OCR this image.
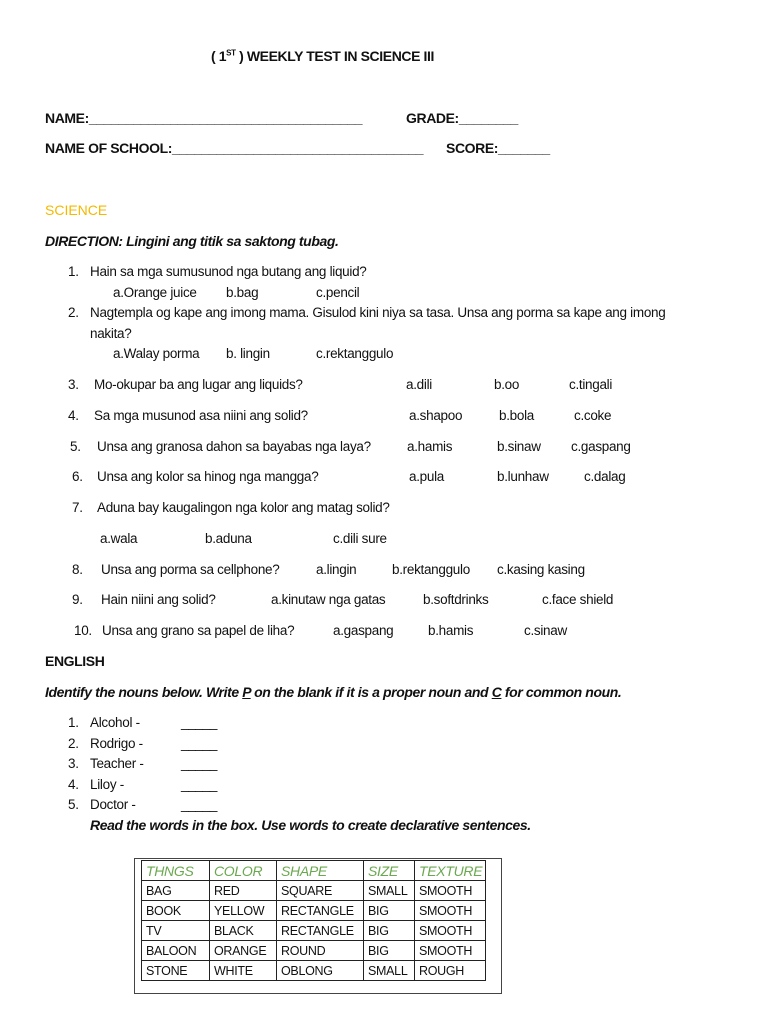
( 1ST ) WEEKLY TEST IN SCIENCE III
NAME:_____________________________________	GRADE:________
NAME OF SCHOOL:__________________________________ SCORE:_______
SCIENCE
DIRECTION: Lingini ang titik sa saktong tubag.
1. Hain sa mga sumusunod nga butang ang liquid?
a.Orange juice b.bag	c.pencil
2. Nagtempla og kape ang imong mama. Gisulod kini niya sa tasa. Unsa ang porma sa kape ang imong
nakita?
a.Walay porma b. lingin	c.rektanggulo
3. Mo-okupar ba ang lugar ang liquids?	a.dili	b.oo	c.tingali
4. Sa mga musunod asa niini ang solid?	a.shapoo	b.bola	c.coke
5. Unsa ang granosa dahon sa bayabas nga laya?	a.hamis	b.sinaw c.gaspang
6. Unsa ang kolor sa hinog nga mangga?	a.pula	b.lunhaw	c.dalag
7. Aduna bay kaugalingon nga kolor ang matag solid?
a.wala	b.aduna	c.dili sure
8. Unsa ang porma sa cellphone?	a.lingin	b.rektanggulo c.kasing kasing
9. Hain niini ang solid?	a.kinutaw nga gatas	b.softdrinks	c.face shield
10. Unsa ang grano sa papel de liha?	a.gaspang	b.hamis	c.sinaw
ENGLISH
Identify the nouns below. Write P on the blank if it is a proper noun and C for common noun.
1. Alcohol -	_____
2. Rodrigo -	_____
3. Teacher -	_____
4. Liloy -	_____
5. Doctor -	_____
Read the words in the box. Use words to create declarative sentences.
THNGS	COLOR	SHAPE	SIZE	TEXTURE
BAG	RED	SQUARE	SMALL	SMOOTH
BOOK	YELLOW	RECTANGLE	BIG	SMOOTH
TV	BLACK	RECTANGLE	BIG	SMOOTH
BALOON	ORANGE	ROUND	BIG	SMOOTH
STONE	WHITE	OBLONG	SMALL	ROUGH
